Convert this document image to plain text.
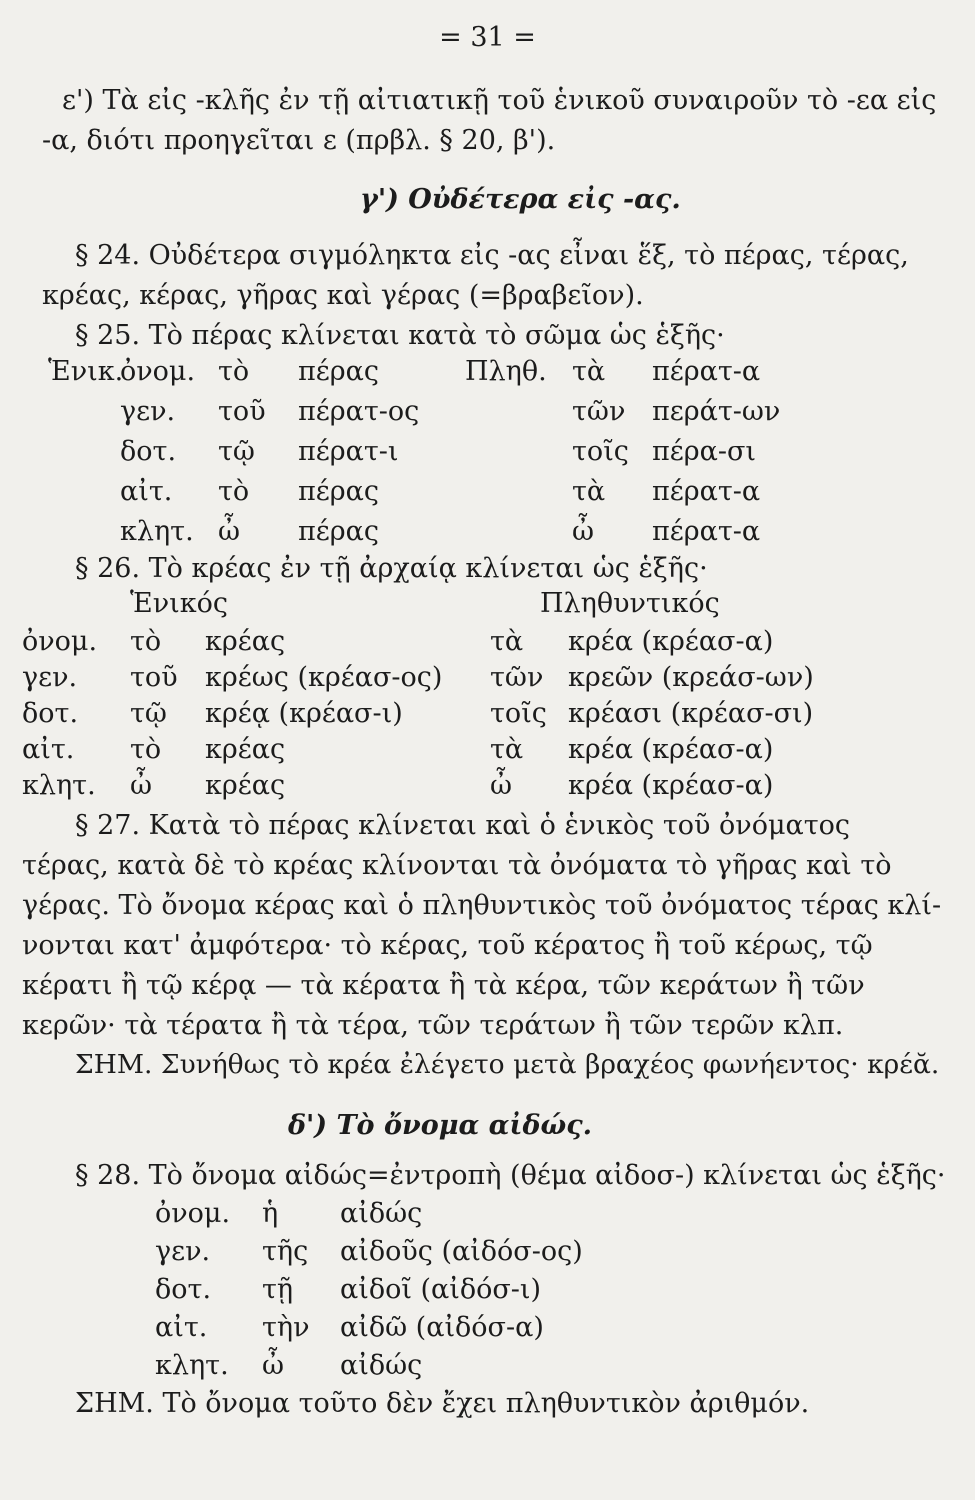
= 31 =
ε') Τὰ εἰς -κλῆς ἐν τῇ αἰτιατικῇ τοῦ ἑνικοῦ συναιροῦν τὸ -εα εἰς
-α, διότι προηγεῖται ε (πρβλ. § 20, β').
γ') Οὐδέτερα εἰς -ας.
§ 24. Οὐδέτερα σιγμόληκτα εἰς -ας εἶναι ἕξ, τὸ πέρας, τέρας,
κρέας, κέρας, γῆρας καὶ γέρας (=βραβεῖον).
§ 25. Τὸ πέρας κλίνεται κατὰ τὸ σῶμα ὡς ἑξῆς·
Ἑνικ.	Πληθ.
ὀνομ. τὸ πέρας	τὰ πέρατ-α
γεν. τοῦ πέρατ-ος	τῶν περάτ-ων
δοτ. τῷ πέρατ-ι	τοῖς πέρα-σι
αἰτ. τὸ πέρας	τὰ πέρατ-α
κλητ. ὦ πέρας	ὦ πέρατ-α
§ 26. Τὸ κρέας ἐν τῇ ἀρχαίᾳ κλίνεται ὡς ἑξῆς·
Ἑνικός	Πληθυντικός
ὀνομ. τὸ κρέας	τὰ κρέα (κρέασ-α)
γεν. τοῦ κρέως (κρέασ-ος) τῶν κρεῶν (κρεάσ-ων)
δοτ. τῷ κρέᾳ (κρέασ-ι)	τοῖς κρέασι (κρέασ-σι)
αἰτ. τὸ κρέας	τὰ κρέα (κρέασ-α)
κλητ. ὦ κρέας	ὦ κρέα (κρέασ-α)
§ 27. Κατὰ τὸ πέρας κλίνεται καὶ ὁ ἑνικὸς τοῦ ὀνόματος
τέρας, κατὰ δὲ τὸ κρέας κλίνονται τὰ ὀνόματα τὸ γῆρας καὶ τὸ
γέρας. Τὸ ὄνομα κέρας καὶ ὁ πληθυντικὸς τοῦ ὀνόματος τέρας κλί-
νονται κατ' ἀμφότερα· τὸ κέρας, τοῦ κέρατος ἢ τοῦ κέρως, τῷ
κέρατι ἢ τῷ κέρᾳ — τὰ κέρατα ἢ τὰ κέρα, τῶν κεράτων ἢ τῶν
κερῶν· τὰ τέρατα ἢ τὰ τέρα, τῶν τεράτων ἢ τῶν τερῶν κλπ.
ΣΗΜ. Συνήθως τὸ κρέα ἐλέγετο μετὰ βραχέος φωνήεντος· κρέᾰ.
δ') Τὸ ὄνομα αἰδώς.
§ 28. Τὸ ὄνομα αἰδώς=ἐντροπὴ (θέμα αἰδοσ-) κλίνεται ὡς ἑξῆς·
ὀνομ. ἡ αἰδώς
γεν. τῆς αἰδοῦς (αἰδόσ-ος)
δοτ. τῇ αἰδοῖ (αἰδόσ-ι)
αἰτ. τὴν αἰδῶ (αἰδόσ-α)
κλητ. ὦ αἰδώς
ΣΗΜ. Τὸ ὄνομα τοῦτο δὲν ἔχει πληθυντικὸν ἀριθμόν.
